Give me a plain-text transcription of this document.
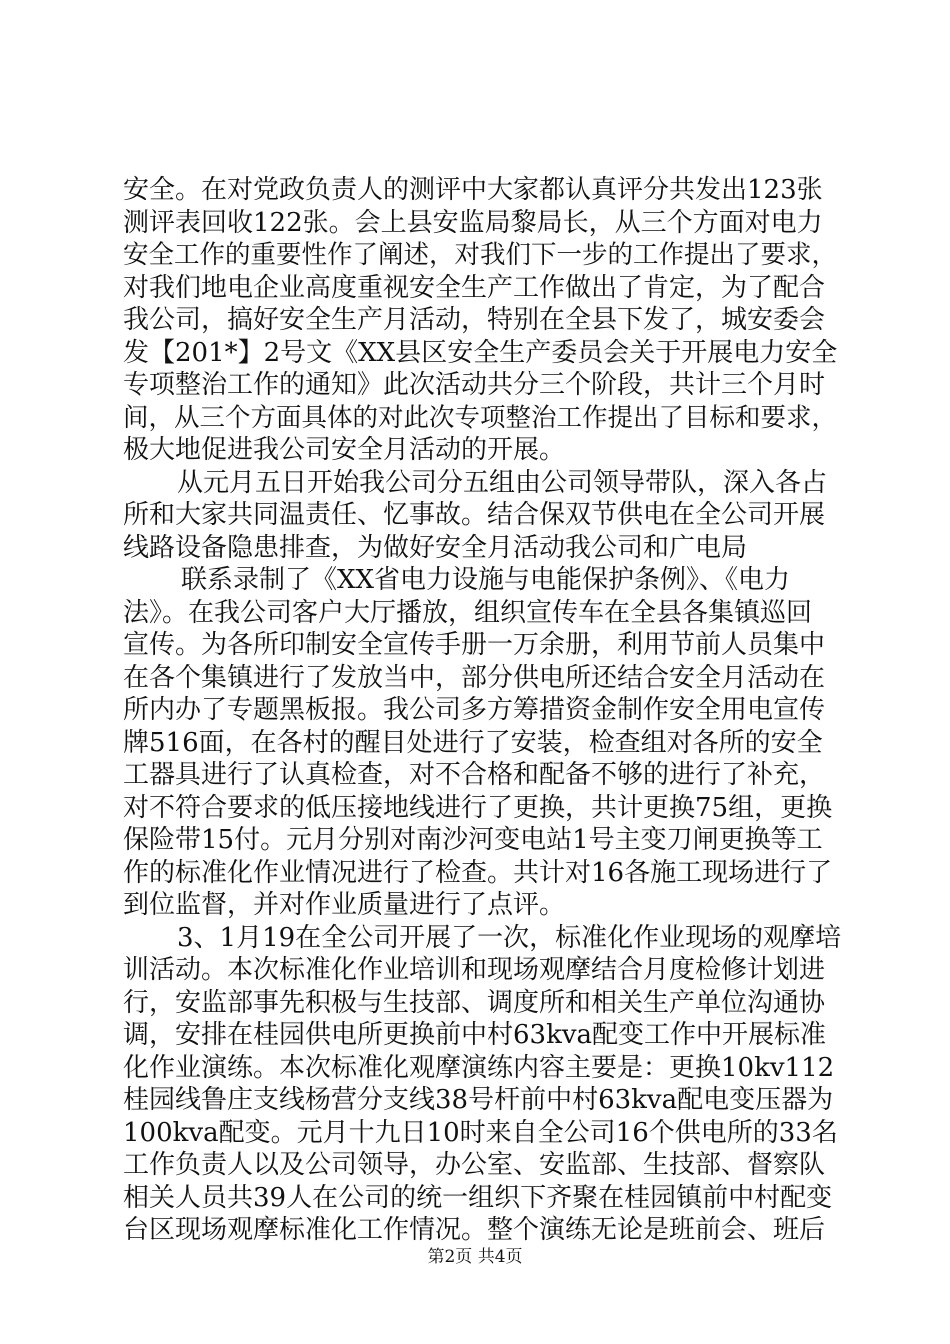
安全。在对党政负责人的测评中大家都认真评分共发出123张
测评表回收122张。会上县安监局黎局长，从三个方面对电力
安全工作的重要性作了阐述，对我们下一步的工作提出了要求，
对我们地电企业高度重视安全生产工作做出了肯定，为了配合
我公司，搞好安全生产月活动，特别在全县下发了，城安委会
发【201*】2号文《XX县区安全生产委员会关于开展电力安全
专项整治工作的通知》此次活动共分三个阶段，共计三个月时
间，从三个方面具体的对此次专项整治工作提出了目标和要求，
极大地促进我公司安全月活动的开展。
从元月五日开始我公司分五组由公司领导带队，深入各占
所和大家共同温责任、忆事故。结合保双节供电在全公司开展
线路设备隐患排查，为做好安全月活动我公司和广电局
联系录制了《XX省电力设施与电能保护条例》、《电力
法》。在我公司客户大厅播放，组织宣传车在全县各集镇巡回
宣传。为各所印制安全宣传手册一万余册，利用节前人员集中
在各个集镇进行了发放当中，部分供电所还结合安全月活动在
所内办了专题黑板报。我公司多方筹措资金制作安全用电宣传
牌516面，在各村的醒目处进行了安装，检查组对各所的安全
工器具进行了认真检查，对不合格和配备不够的进行了补充，
对不符合要求的低压接地线进行了更换，共计更换75组，更换
保险带15付。元月分别对南沙河变电站1号主变刀闸更换等工
作的标准化作业情况进行了检查。共计对16各施工现场进行了
到位监督，并对作业质量进行了点评。
3、1月19在全公司开展了一次，标准化作业现场的观摩培
训活动。本次标准化作业培训和现场观摩结合月度检修计划进
行，安监部事先积极与生技部、调度所和相关生产单位沟通协
调，安排在桂园供电所更换前中村63kva配变工作中开展标准
化作业演练。本次标准化观摩演练内容主要是：更换10kv112
桂园线鲁庄支线杨营分支线38号杆前中村63kva配电变压器为
100kva配变。元月十九日10时来自全公司16个供电所的33名
工作负责人以及公司领导，办公室、安监部、生技部、督察队
相关人员共39人在公司的统一组织下齐聚在桂园镇前中村配变
台区现场观摩标准化工作情况。整个演练无论是班前会、班后
第2页 共4页
